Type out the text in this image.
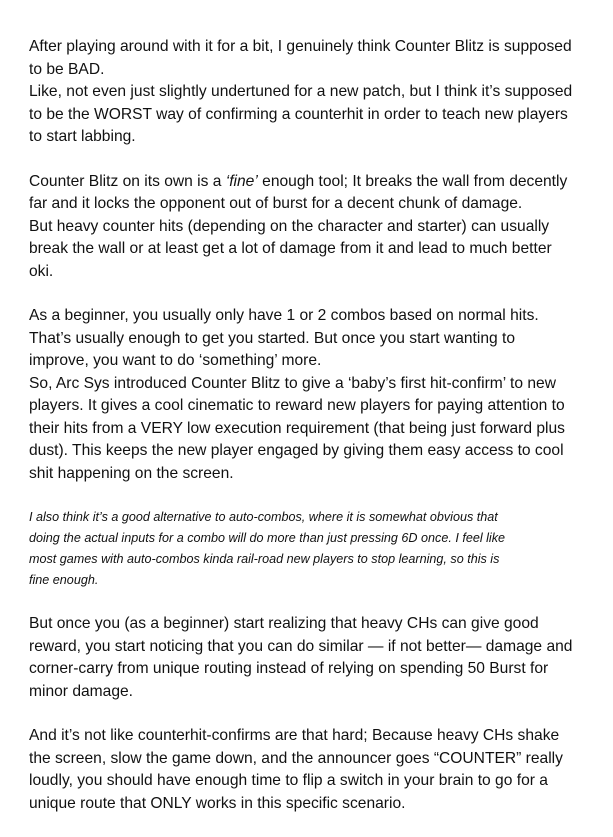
After playing around with it for a bit, I genuinely think Counter Blitz is supposed
to be BAD.
Like, not even just slightly undertuned for a new patch, but I think it’s supposed
to be the WORST way of confirming a counterhit in order to teach new players
to start labbing.
Counter Blitz on its own is a ‘fine’ enough tool; It breaks the wall from decently
far and it locks the opponent out of burst for a decent chunk of damage.
But heavy counter hits (depending on the character and starter) can usually
break the wall or at least get a lot of damage from it and lead to much better
oki.
As a beginner, you usually only have 1 or 2 combos based on normal hits.
That’s usually enough to get you started. But once you start wanting to
improve, you want to do ‘something’ more.
So, Arc Sys introduced Counter Blitz to give a ‘baby’s first hit-confirm’ to new
players. It gives a cool cinematic to reward new players for paying attention to
their hits from a VERY low execution requirement (that being just forward plus
dust). This keeps the new player engaged by giving them easy access to cool
shit happening on the screen.
I also think it’s a good alternative to auto-combos, where it is somewhat obvious that
doing the actual inputs for a combo will do more than just pressing 6D once. I feel like
most games with auto-combos kinda rail-road new players to stop learning, so this is
fine enough.
But once you (as a beginner) start realizing that heavy CHs can give good
reward, you start noticing that you can do similar — if not better— damage and
corner-carry from unique routing instead of relying on spending 50 Burst for
minor damage.
And it’s not like counterhit-confirms are that hard; Because heavy CHs shake
the screen, slow the game down, and the announcer goes “COUNTER” really
loudly, you should have enough time to flip a switch in your brain to go for a
unique route that ONLY works in this specific scenario.
